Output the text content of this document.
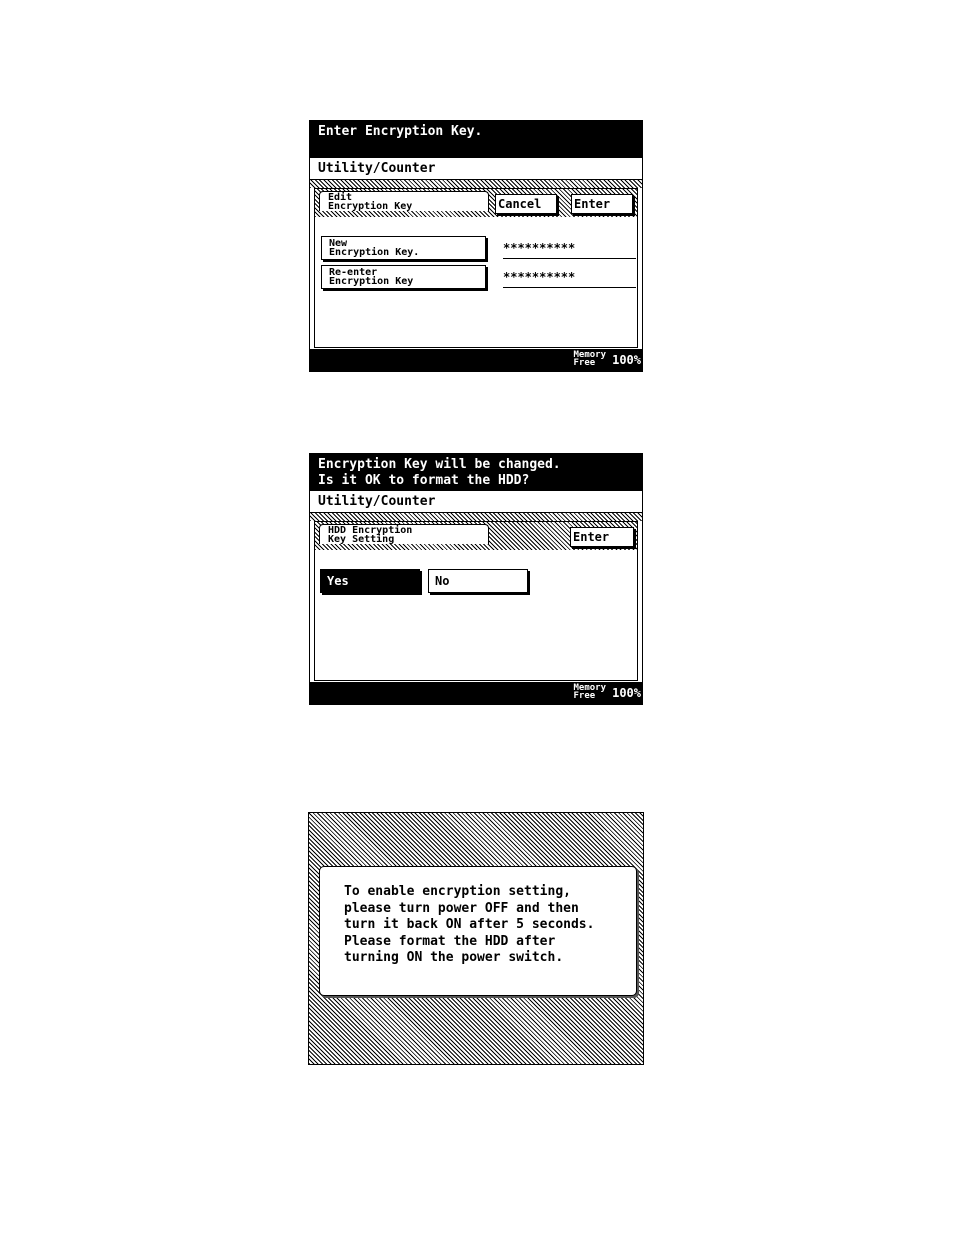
Enter Encryption Key.
Utility/Counter
Edit
Encryption Key	Cancel	Enter
New
Encryption Key.	**********
Re-enter
Encryption Key	**********
Memory
Free	100%
Encryption Key will be changed.
Is it OK to format the HDD?
Utility/Counter
HDD Encryption
Key Setting	Enter
Yes	No
Memory
Free	100%
To enable encryption setting,
please turn power OFF and then
turn it back ON after 5 seconds.
Please format the HDD after
turning ON the power switch.
